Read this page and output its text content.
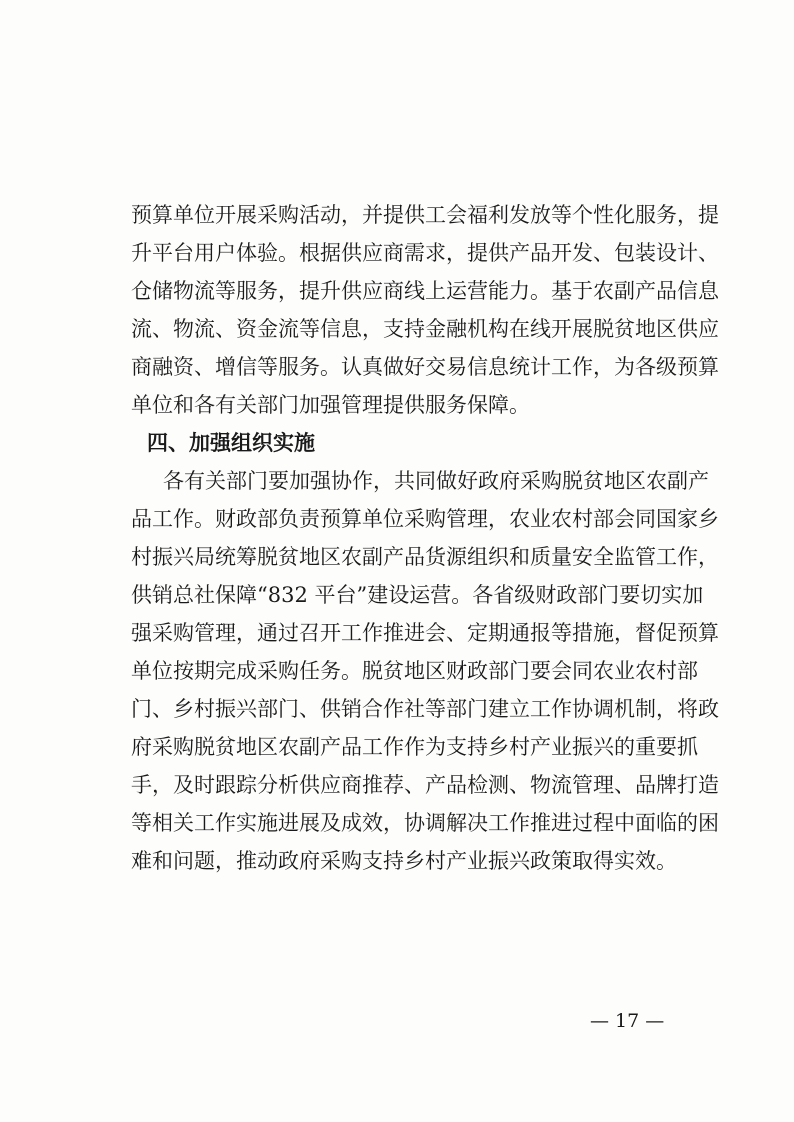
预算单位开展采购活动，并提供工会福利发放等个性化服务，提
升平台用户体验。根据供应商需求，提供产品开发、包装设计、
仓储物流等服务，提升供应商线上运营能力。基于农副产品信息
流、物流、资金流等信息，支持金融机构在线开展脱贫地区供应
商融资、增信等服务。认真做好交易信息统计工作，为各级预算
单位和各有关部门加强管理提供服务保障。
四、加强组织实施
各有关部门要加强协作，共同做好政府采购脱贫地区农副产
品工作。财政部负责预算单位采购管理，农业农村部会同国家乡
村振兴局统筹脱贫地区农副产品货源组织和质量安全监管工作，
供销总社保障“832 平台”建设运营。各省级财政部门要切实加
强采购管理，通过召开工作推进会、定期通报等措施，督促预算
单位按期完成采购任务。脱贫地区财政部门要会同农业农村部
门、乡村振兴部门、供销合作社等部门建立工作协调机制，将政
府采购脱贫地区农副产品工作作为支持乡村产业振兴的重要抓
手，及时跟踪分析供应商推荐、产品检测、物流管理、品牌打造
等相关工作实施进展及成效，协调解决工作推进过程中面临的困
难和问题，推动政府采购支持乡村产业振兴政策取得实效。
— 17 —
